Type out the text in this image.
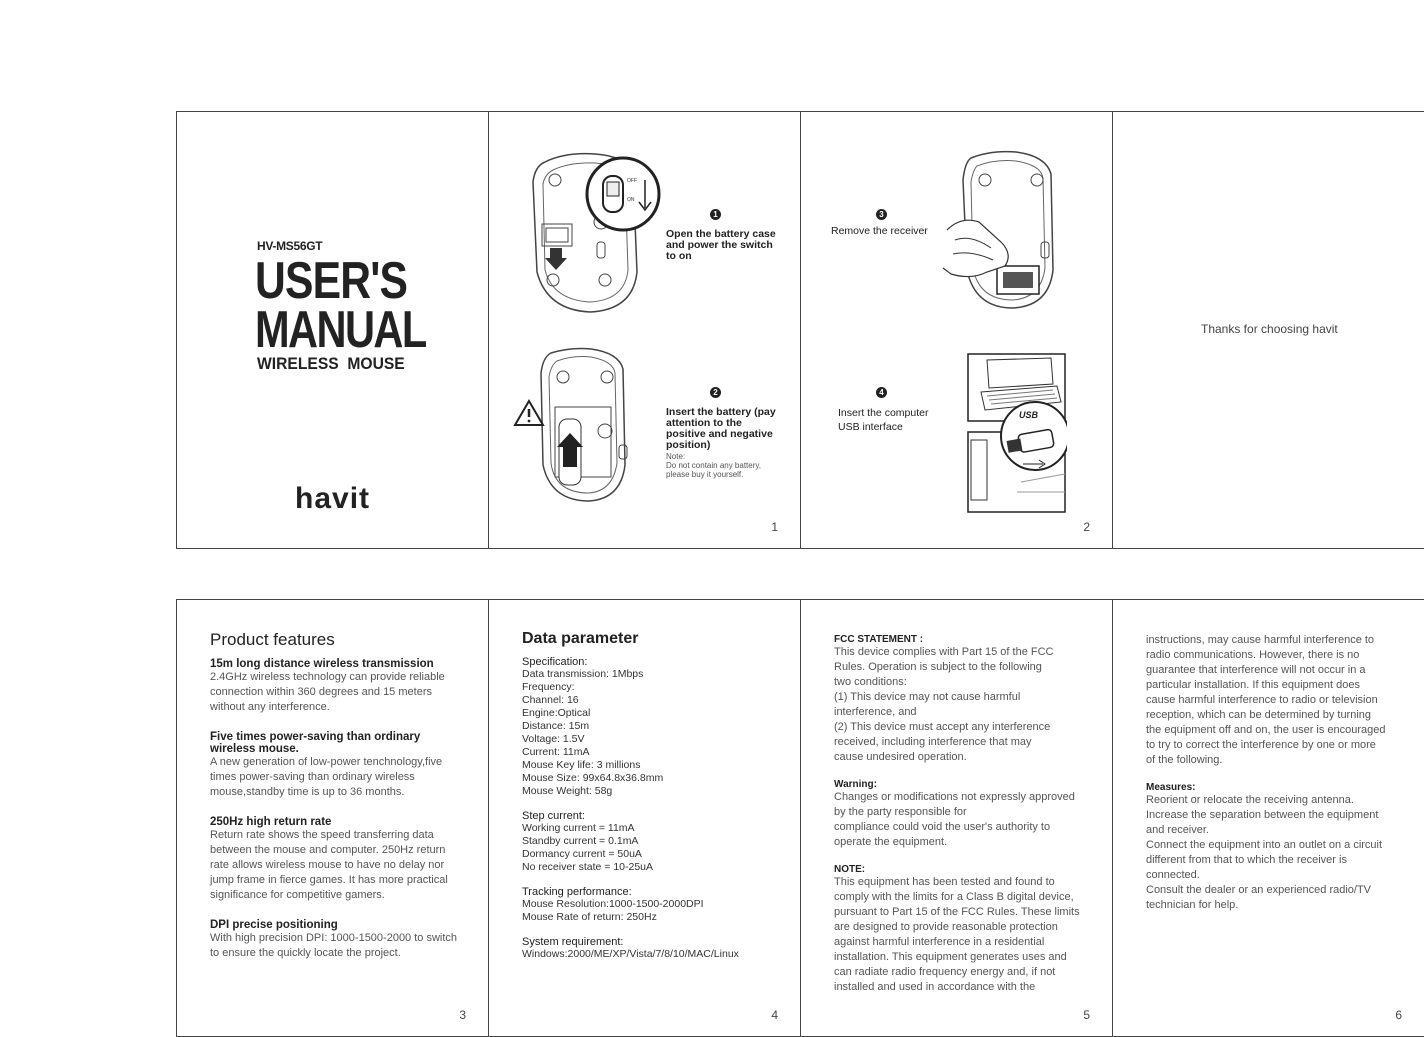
HV-MS56GT
USER'S
MANUAL
WIRELESS  MOUSE
havit
OFF
ON
1
Open the battery case and power the switch to on
2
Insert the battery (pay attention to the positive and negative position)
Note:
Do not contain any battery, please buy it yourself.
1
3
Remove the receiver
4
Insert the computer USB interface
USB
2
Thanks for choosing havit
Product features
15m long distance wireless transmission
2.4GHz wireless technology can provide reliable connection within 360 degrees and 15 meters without any interference.
Five times power-saving than ordinary wireless mouse.
A new generation of low-power tenchnology,five times power-saving than ordinary wireless mouse,standby time is up to 36 months.
250Hz high return rate
Return rate shows the speed transferring data between the mouse and computer. 250Hz return rate allows wireless mouse to have no delay nor jump frame in fierce games. It has more practical significance for competitive gamers.
DPI precise positioning
With high precision DPI: 1000-1500-2000 to switch to ensure the quickly locate the project.
3
Data parameter
Specification:
Data transmission: 1Mbps
Frequency:
Channel: 16
Engine:Optical
Distance: 15m
Voltage: 1.5V
Current: 11mA
Mouse Key life: 3 millions
Mouse Size: 99x64.8x36.8mm
Mouse Weight: 58g
Step current:
Working current = 11mA
Standby current = 0.1mA
Dormancy current = 50uA
No receiver state = 10-25uA
Tracking performance:
Mouse Resolution:1000-1500-2000DPI
Mouse Rate of return: 250Hz
System requirement:
Windows:2000/ME/XP/Vista/7/8/10/MAC/Linux
4
FCC STATEMENT :
This device complies with Part 15 of the FCC
Rules. Operation is subject to the following
two conditions:
(1) This device may not cause harmful
interference, and
(2) This device must accept any interference
received, including interference that may
cause undesired operation.
Warning:
Changes or modifications not expressly approved
by the party responsible for
compliance could void the user's authority to
operate the equipment.
NOTE:
This equipment has been tested and found to
comply with the limits for a Class B digital device,
pursuant to Part 15 of the FCC Rules. These limits
are designed to provide reasonable protection
against harmful interference in a residential
installation. This equipment generates uses and
can radiate radio frequency energy and, if not
installed and used in accordance with the
5
instructions, may cause harmful interference to
radio communications. However, there is no
guarantee that interference will not occur in a
particular installation. If this equipment does
cause harmful interference to radio or television
reception, which can be determined by turning
the equipment off and on, the user is encouraged
to try to correct the interference by one or more
of the following.
Measures:
Reorient or relocate the receiving antenna.
Increase the separation between the equipment
and receiver.
Connect the equipment into an outlet on a circuit
different from that to which the receiver is
connected.
Consult the dealer or an experienced radio/TV
technician for help.
6
